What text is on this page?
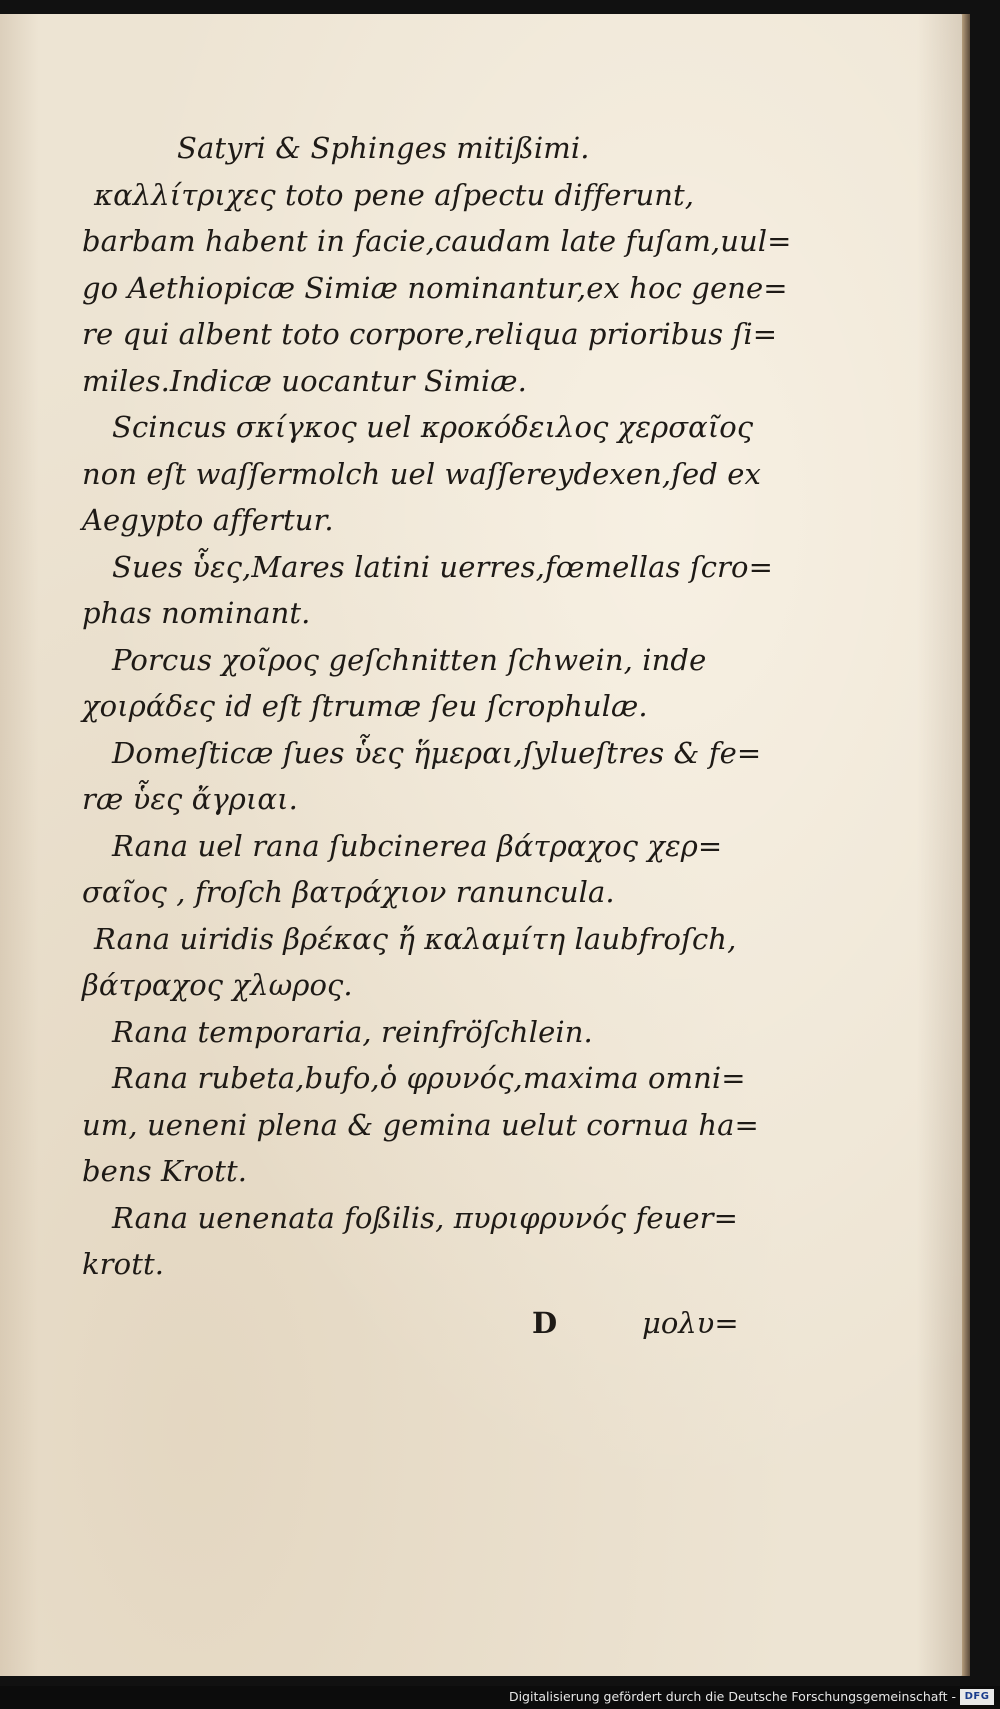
Satyri & Sphinges mitißimi.
καλλίτριχες toto pene aſpectu differunt,
barbam habent in facie,caudam late fuſam,uul=
go Aethiopicæ Simiæ nominantur,ex hoc gene=
re qui albent toto corpore,reliqua prioribus ſi=
miles.Indicæ uocantur Simiæ.
Scincus σκίγκος uel κροκόδειλος χερσαῖος
non eſt waſſermolch uel waſſereydexen,ſed ex
Aegypto affertur.
Sues ὗες,Mares latini uerres,fœmellas ſcro=
phas nominant.
Porcus χοῖρος geſchnitten ſchwein, inde
χοιράδες id eſt ſtrumæ ſeu ſcrophulæ.
Domeſticæ ſues ὗες ἥμεραι,ſylueſtres & fe=
ræ ὗες ἄγριαι.
Rana uel rana ſubcinerea βάτραχος χερ=
σαῖος , froſch βατράχιον ranuncula.
Rana uiridis βρέκας ἤ καλαμίτη laubfroſch,
βάτραχος χλωρος.
Rana temporaria, reinfröſchlein.
Rana rubeta,bufo,ὁ φρυνός,maxima omni=
um, ueneni plena & gemina uelut cornua ha=
bens Krott.
Rana uenenata foßilis, πυριφρυνός feuer=
krott.
D	μολυ=
Digitalisierung gefördert durch die Deutsche Forschungsgemeinschaft - DFG
